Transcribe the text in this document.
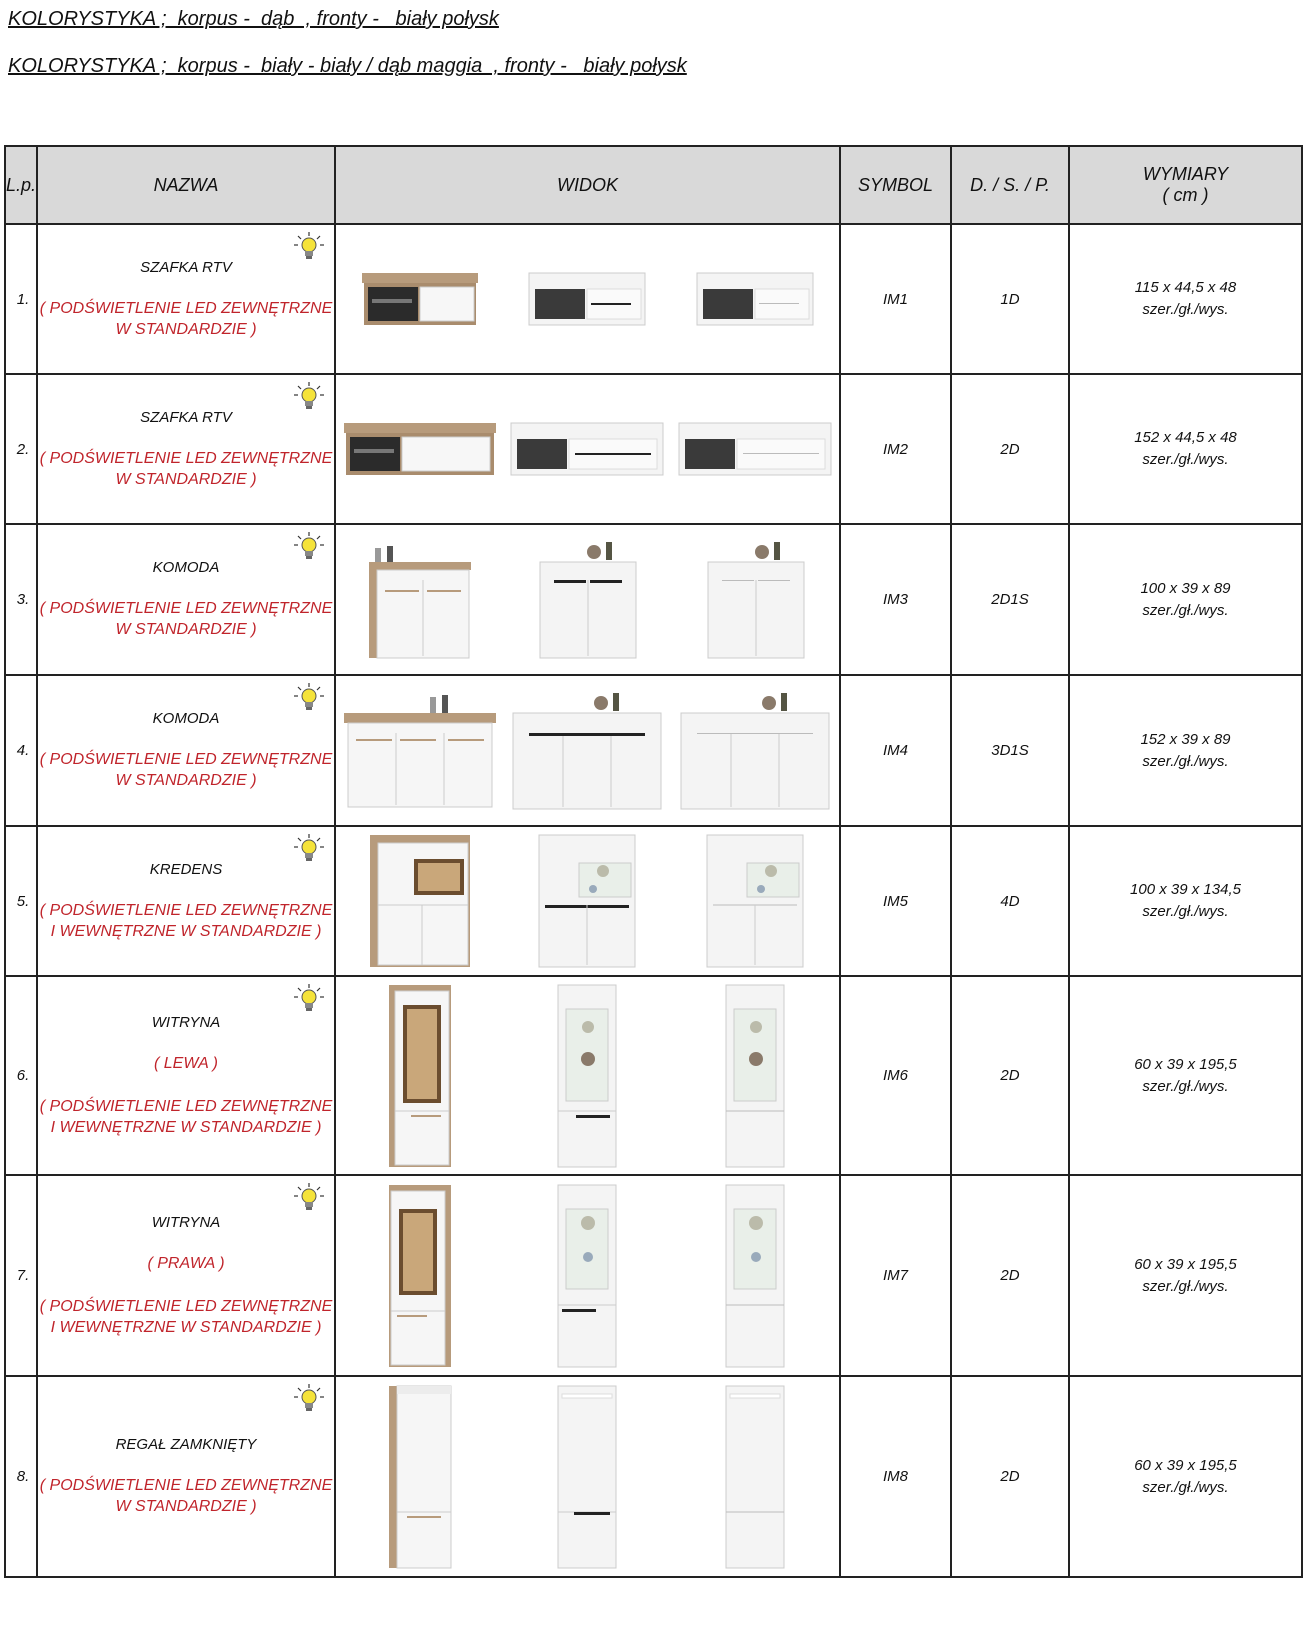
KOLORYSTYKA ;  korpus -  dąb  , fronty -   biały połysk
KOLORYSTYKA ;  korpus -  biały - biały / dąb maggia  , fronty -   biały połysk
L.p.	NAZWA	WIDOK	SYMBOL	D. / S. / P.	WYMIARY
( cm )
1.	SZAFKA RTV
( PODŚWIETLENIE LED ZEWNĘTRZNE
W STANDARDZIE )		IM1	1D	115 x 44,5 x 48
szer./gł./wys.
2.	SZAFKA RTV
( PODŚWIETLENIE LED ZEWNĘTRZNE
W STANDARDZIE )		IM2	2D	152 x 44,5 x 48
szer./gł./wys.
3.	KOMODA
( PODŚWIETLENIE LED ZEWNĘTRZNE
W STANDARDZIE )		IM3	2D1S	100 x 39 x 89
szer./gł./wys.
4.	KOMODA
( PODŚWIETLENIE LED ZEWNĘTRZNE
W STANDARDZIE )		IM4	3D1S	152 x 39 x 89
szer./gł./wys.
5.	KREDENS
( PODŚWIETLENIE LED ZEWNĘTRZNE
I WEWNĘTRZNE W STANDARDZIE )		IM5	4D	100 x 39 x 134,5
szer./gł./wys.
6.	WITRYNA
( LEWA )
( PODŚWIETLENIE LED ZEWNĘTRZNE
I WEWNĘTRZNE W STANDARDZIE )		IM6	2D	60 x 39 x 195,5
szer./gł./wys.
7.	WITRYNA
( PRAWA )
( PODŚWIETLENIE LED ZEWNĘTRZNE
I WEWNĘTRZNE W STANDARDZIE )		IM7	2D	60 x 39 x 195,5
szer./gł./wys.
8.	REGAŁ ZAMKNIĘTY
( PODŚWIETLENIE LED ZEWNĘTRZNE
W STANDARDZIE )		IM8	2D	60 x 39 x 195,5
szer./gł./wys.
